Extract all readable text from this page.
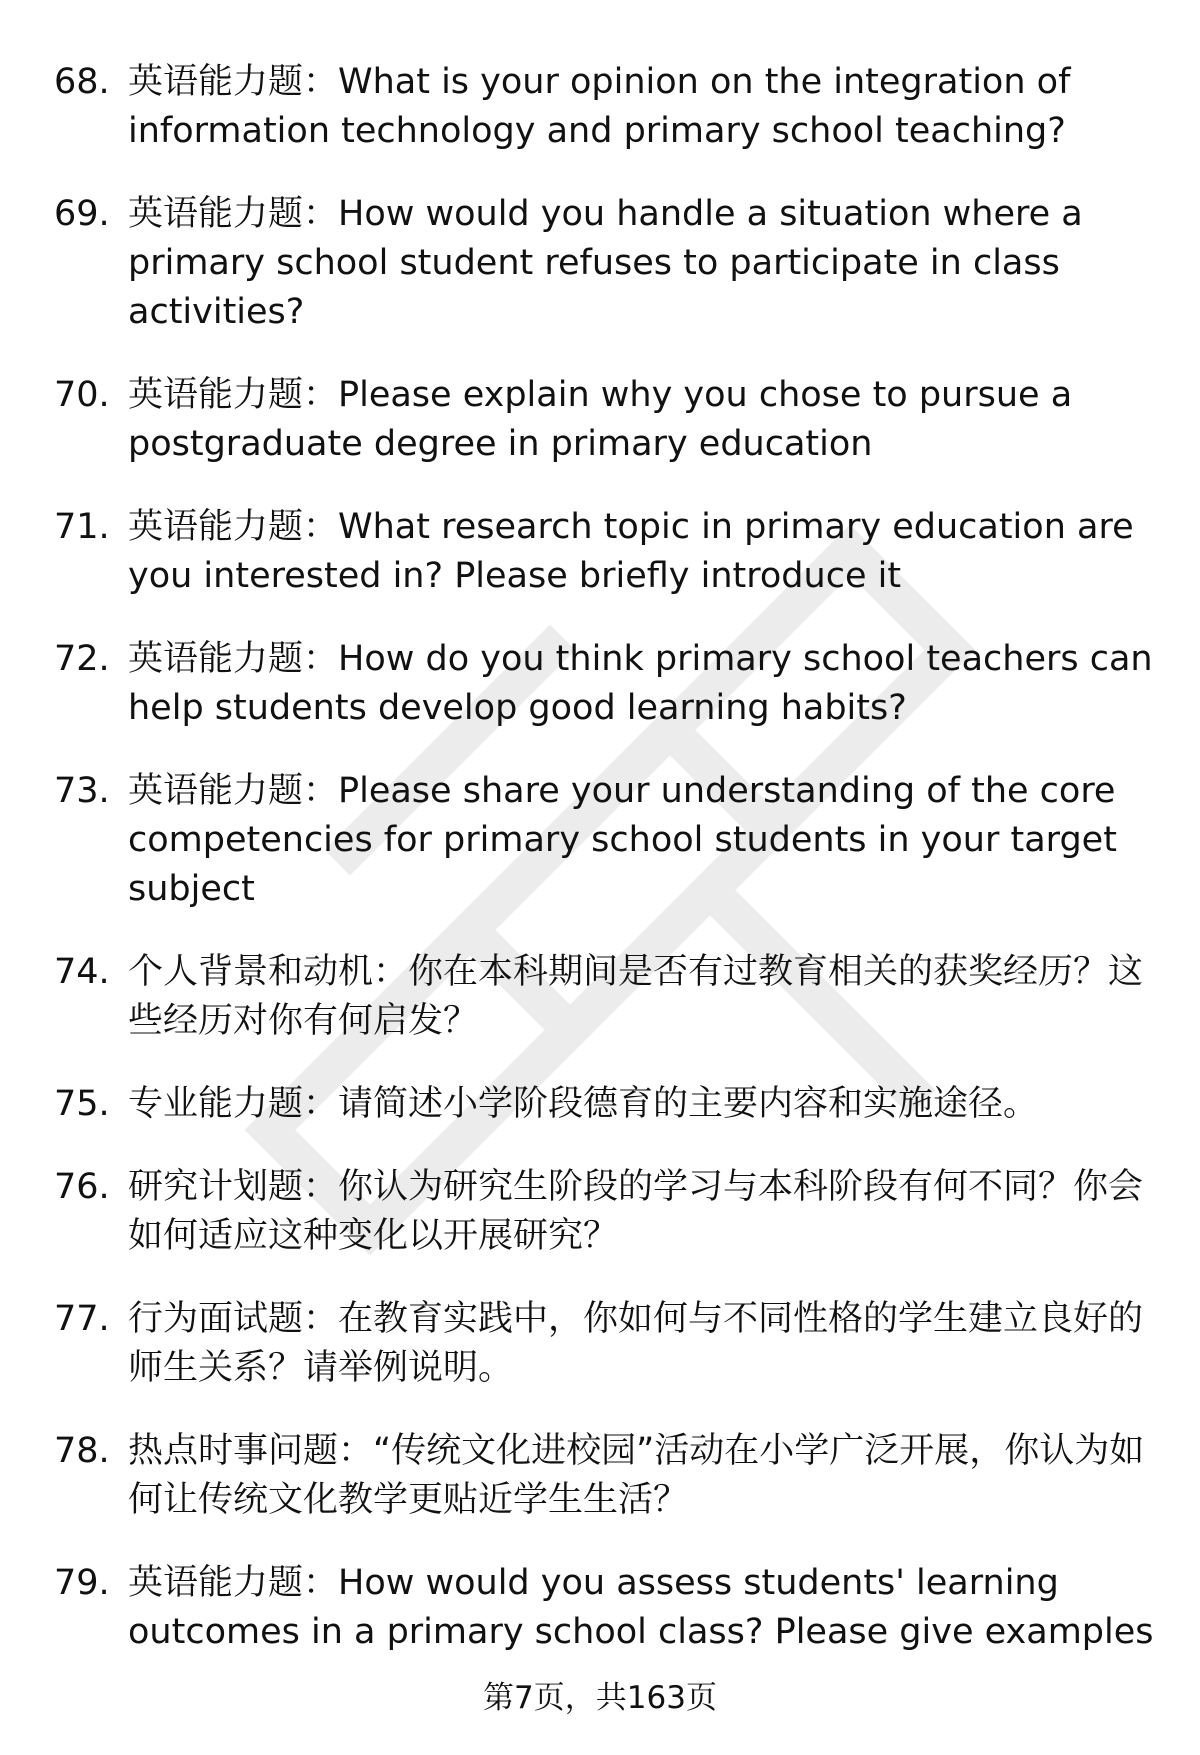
68. 英语能力题：What is your opinion on the integration of information technology and primary school teaching?
69. 英语能力题：How would you handle a situation where a primary school student refuses to participate in class activities?
70. 英语能力题：Please explain why you chose to pursue a postgraduate degree in primary education
71. 英语能力题：What research topic in primary education are you interested in? Please briefly introduce it
72. 英语能力题：How do you think primary school teachers can help students develop good learning habits?
73. 英语能力题：Please share your understanding of the core competencies for primary school students in your target subject
74. 个人背景和动机：你在本科期间是否有过教育相关的获奖经历？这些经历对你有何启发？
75. 专业能力题：请简述小学阶段德育的主要内容和实施途径。
76. 研究计划题：你认为研究生阶段的学习与本科阶段有何不同？你会如何适应这种变化以开展研究？
77. 行为面试题：在教育实践中，你如何与不同性格的学生建立良好的师生关系？请举例说明。
78. 热点时事问题：“传统文化进校园”活动在小学广泛开展，你认为如何让传统文化教学更贴近学生生活？
79. 英语能力题：How would you assess students' learning outcomes in a primary school class? Please give examples
第7页，共163页
